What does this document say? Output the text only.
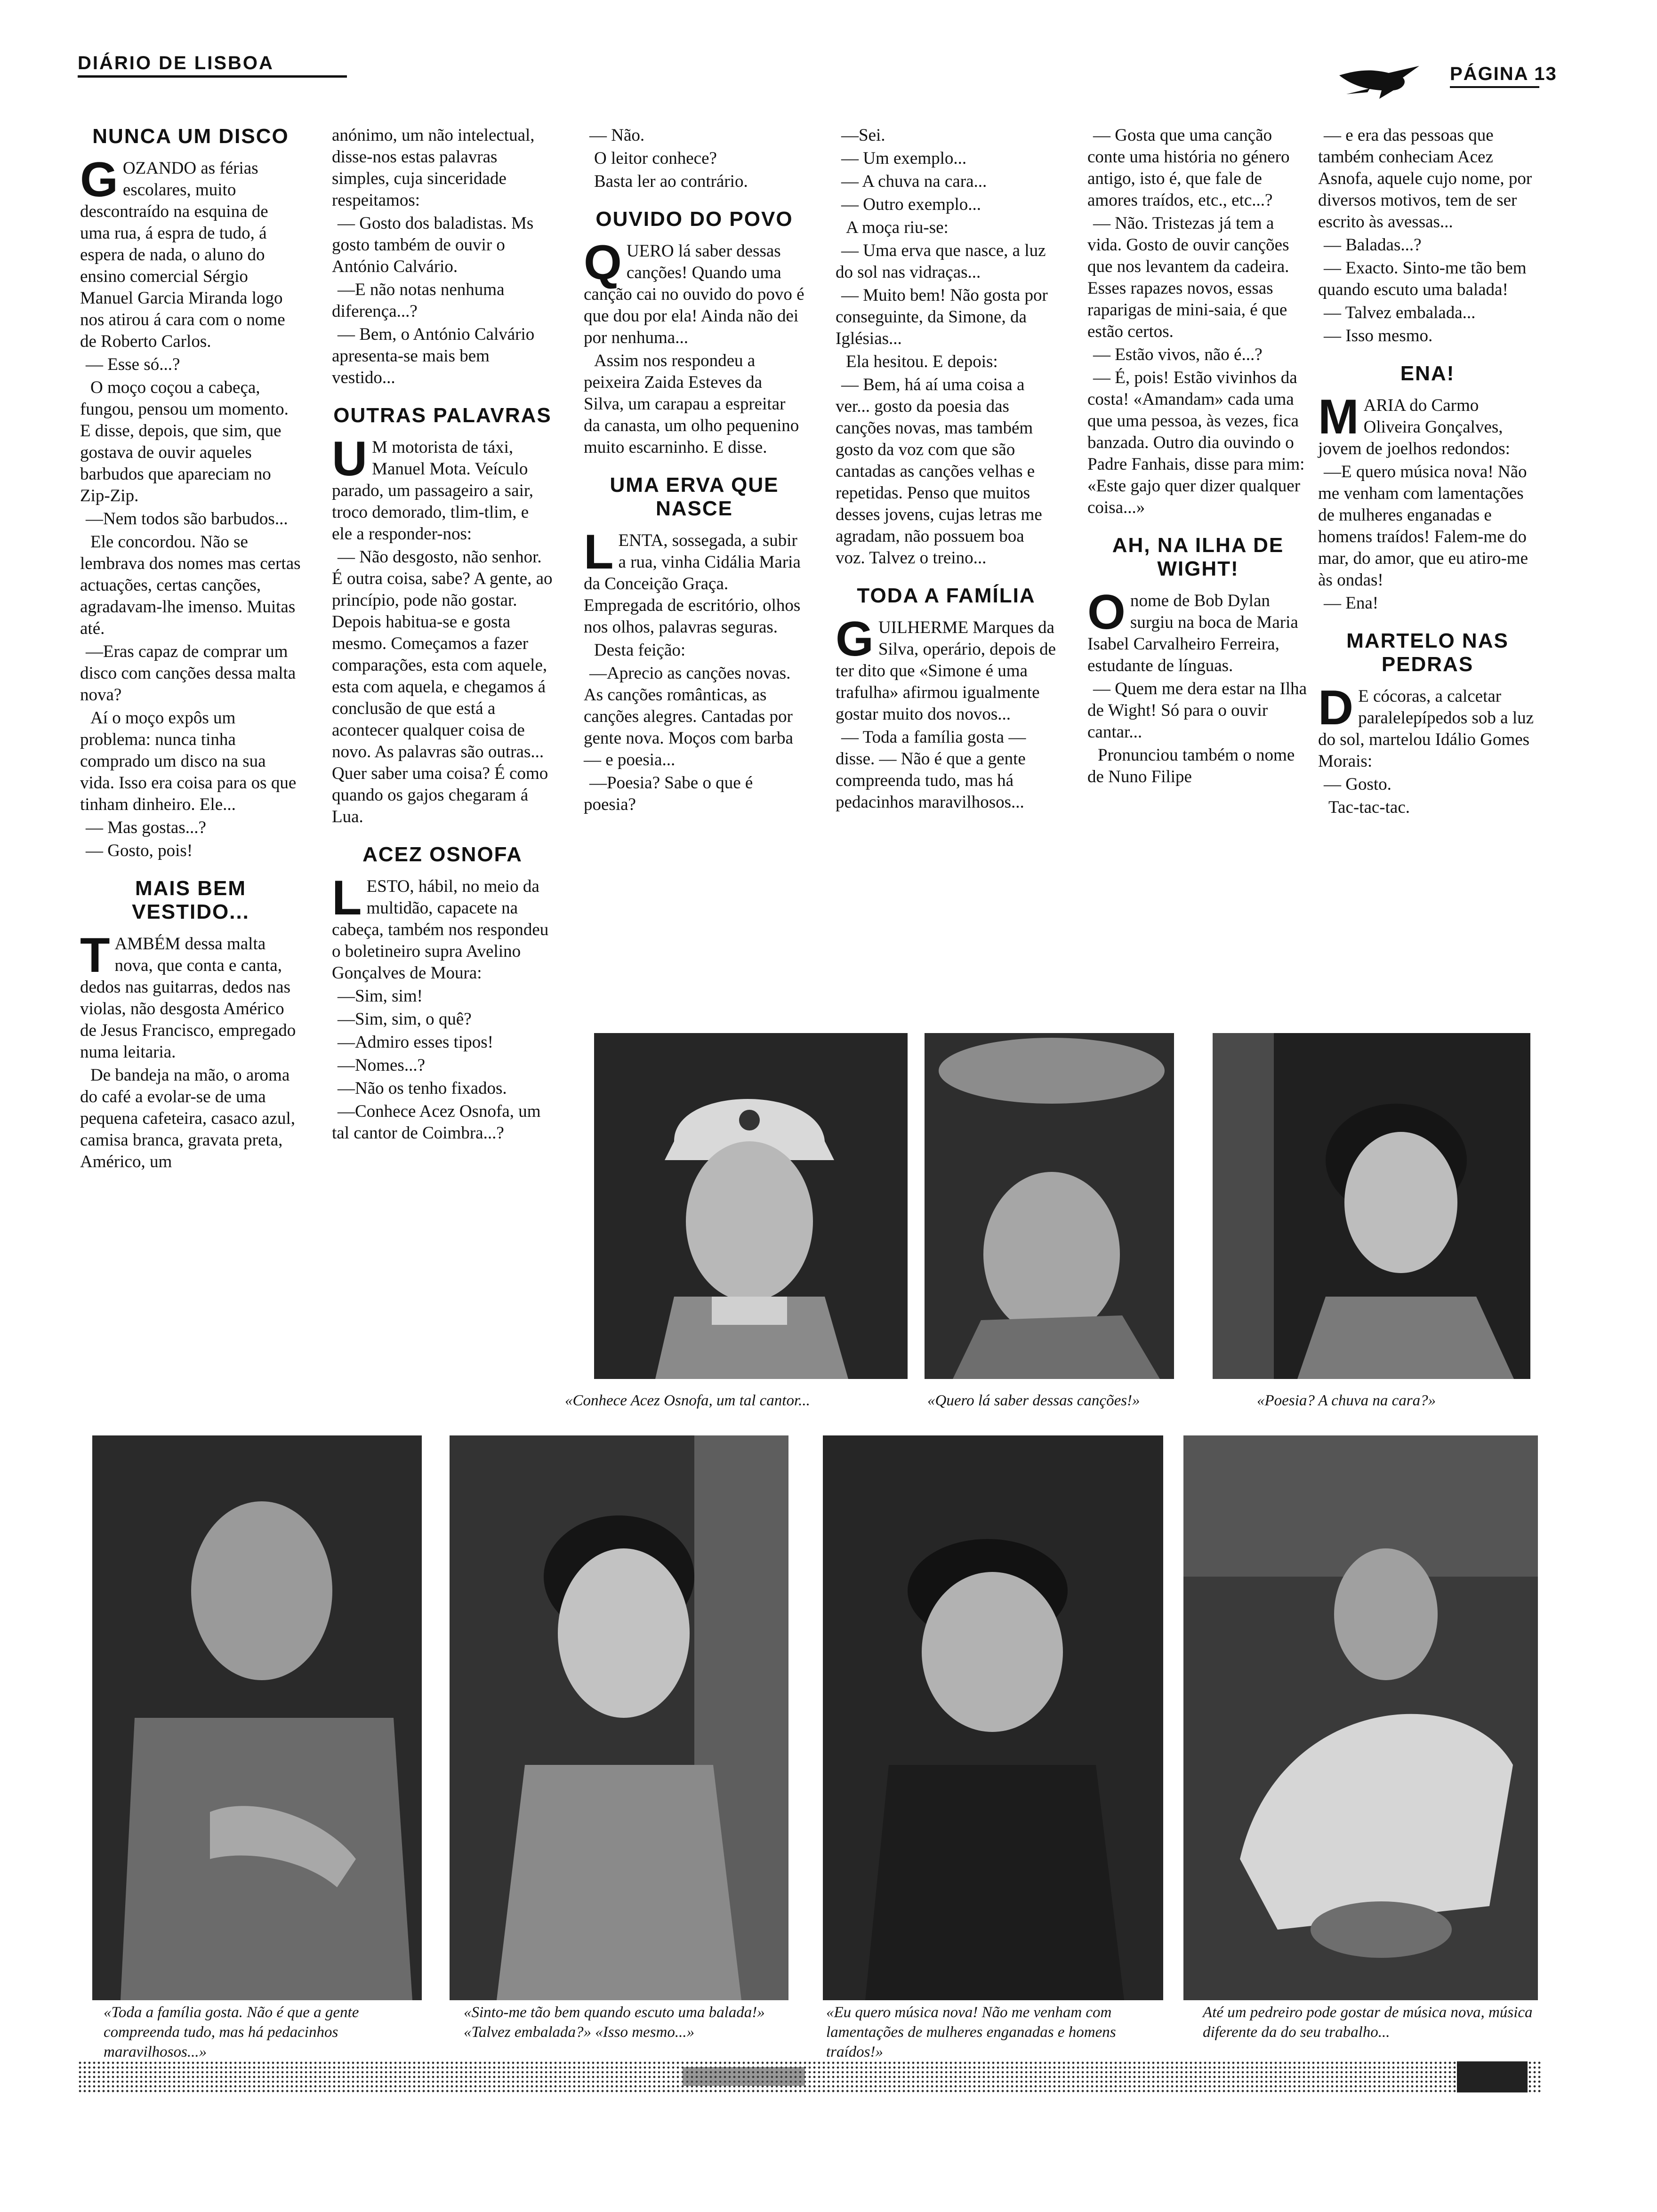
DIÁRIO DE LISBOA
PÁGINA 13
NUNCA UM DISCO

GOZANDO as férias escolares, muito descontraído na esquina de uma rua, á espra de tudo, á espera de nada, o aluno do ensino comercial Sérgio Manuel Garcia Miranda logo nos atirou á cara com o nome de Roberto Carlos.

— Esse só...?

O moço coçou a cabeça, fungou, pensou um momento. E disse, depois, que sim, que gostava de ouvir aqueles barbudos que apareciam no Zip-Zip.

—Nem todos são barbudos...

Ele concordou. Não se lembrava dos nomes mas certas actuações, certas canções, agradavam-lhe imenso. Muitas até.

—Eras capaz de comprar um disco com canções dessa malta nova?

Aí o moço expôs um problema: nunca tinha comprado um disco na sua vida. Isso era coisa para os que tinham dinheiro. Ele...

— Mas gostas...?

— Gosto, pois!

MAIS BEM VESTIDO...

TAMBÉM dessa malta nova, que conta e canta, dedos nas guitarras, dedos nas violas, não desgosta Américo de Jesus Francisco, empregado numa leitaria.

De bandeja na mão, o aroma do café a evolar-se de uma pequena cafeteira, casaco azul, camisa branca, gravata preta, Américo, um

anónimo, um não intelectual, disse-nos estas palavras simples, cuja sinceridade respeitamos:

— Gosto dos baladistas. Ms gosto também de ouvir o António Calvário.

—E não notas nenhuma diferença...?

— Bem, o António Calvário apresenta-se mais bem vestido...

OUTRAS PALAVRAS

U M motorista de táxi, Manuel Mota. Veículo parado, um passageiro a sair, troco demorado, tlim-tlim, e ele a responder-nos:

— Não desgosto, não senhor. É outra coisa, sabe? A gente, ao princípio, pode não gostar. Depois habitua-se e gosta mesmo. Começamos a fazer comparações, esta com aquele, esta com aquela, e chegamos á conclusão de que está a acontecer qualquer coisa de novo. As palavras são outras... Quer saber uma coisa? É como quando os gajos chegaram á Lua.

ACEZ OSNOFA

LESTO, hábil, no meio da multidão, capacete na cabeça, também nos respondeu o boletineiro supra Avelino Gonçalves de Moura:

—Sim, sim!

—Sim, sim, o quê?

—Admiro esses tipos!

—Nomes...?

—Não os tenho fixados.

—Conhece Acez Osnofa, um tal cantor de Coimbra...?

— Não.

O leitor conhece?

Basta ler ao contrário.

OUVIDO DO POVO

QUERO lá saber dessas canções! Quando uma canção cai no ouvido do povo é que dou por ela! Ainda não dei por nenhuma...

Assim nos respondeu a peixeira Zaida Esteves da Silva, um carapau a espreitar da canasta, um olho pequenino muito escarninho. E disse.

UMA ERVA QUE NASCE

LENTA, sossegada, a subir a rua, vinha Cidália Maria da Conceição Graça. Empregada de escritório, olhos nos olhos, palavras seguras.

Desta feição:

—Aprecio as canções novas. As canções românticas, as canções alegres. Cantadas por gente nova. Moços com barba — e poesia...

—Poesia? Sabe o que é poesia?

—Sei.

— Um exemplo...

— A chuva na cara...

— Outro exemplo...

A moça riu-se:

— Uma erva que nasce, a luz do sol nas vidraças...

— Muito bem! Não gosta por conseguinte, da Simone, da Iglésias...

Ela hesitou. E depois:

— Bem, há aí uma coisa a ver... gosto da poesia das canções novas, mas também gosto da voz com que são cantadas as canções velhas e repetidas. Penso que muitos desses jovens, cujas letras me agradam, não possuem boa voz. Talvez o treino...

TODA A FAMÍLIA

GUILHERME Marques da Silva, operário, depois de ter dito que «Simone é uma trafulha» afirmou igualmente gostar muito dos novos...

— Toda a família gosta — disse. — Não é que a gente compreenda tudo, mas há pedacinhos maravilhosos...

— Gosta que uma canção conte uma história no género antigo, isto é, que fale de amores traídos, etc., etc...?

— Não. Tristezas já tem a vida. Gosto de ouvir canções que nos levantem da cadeira. Esses rapazes novos, essas raparigas de mini-saia, é que estão certos.

— Estão vivos, não é...?

— É, pois! Estão vivinhos da costa! «Amandam» cada uma que uma pessoa, às vezes, fica banzada. Outro dia ouvindo o Padre Fanhais, disse para mim: «Este gajo quer dizer qualquer coisa...»

AH, NA ILHA DE WIGHT!

Onome de Bob Dylan surgiu na boca de Maria Isabel Carvalheiro Ferreira, estudante de línguas.

— Quem me dera estar na Ilha de Wight! Só para o ouvir cantar...

Pronunciou também o nome de Nuno Filipe

— e era das pessoas que também conheciam Acez Asnofa, aquele cujo nome, por diversos motivos, tem de ser escrito às avessas...

— Baladas...?

— Exacto. Sinto-me tão bem quando escuto uma balada!

— Talvez embalada...

— Isso mesmo.

ENA!

MARIA do Carmo Oliveira Gonçalves, jovem de joelhos redondos:

—E quero música nova! Não me venham com lamentações de mulheres enganadas e homens traídos! Falem-me do mar, do amor, que eu atiro-me às ondas!

— Ena!

MARTELO NAS PEDRAS

D E cócoras, a calcetar paralelepípedos sob a luz do sol, martelou Idálio Gomes Morais:

— Gosto.

Tac-tac-tac.

«Conhece Acez Osnofa, um tal cantor...	«Quero lá saber dessas canções!»	«Poesia? A chuva na cara?»

«Toda a família gosta. Não é que a gente compreenda tudo, mas há pedacinhos maravilhosos...»

«Sinto-me tão bem quando escuto uma balada!» «Talvez embalada?» «Isso mesmo...»

«Eu quero música nova! Não me venham com lamentações de mulheres enganadas e homens traídos!»

Até um pedreiro pode gostar de música nova, música diferente da do seu trabalho...
